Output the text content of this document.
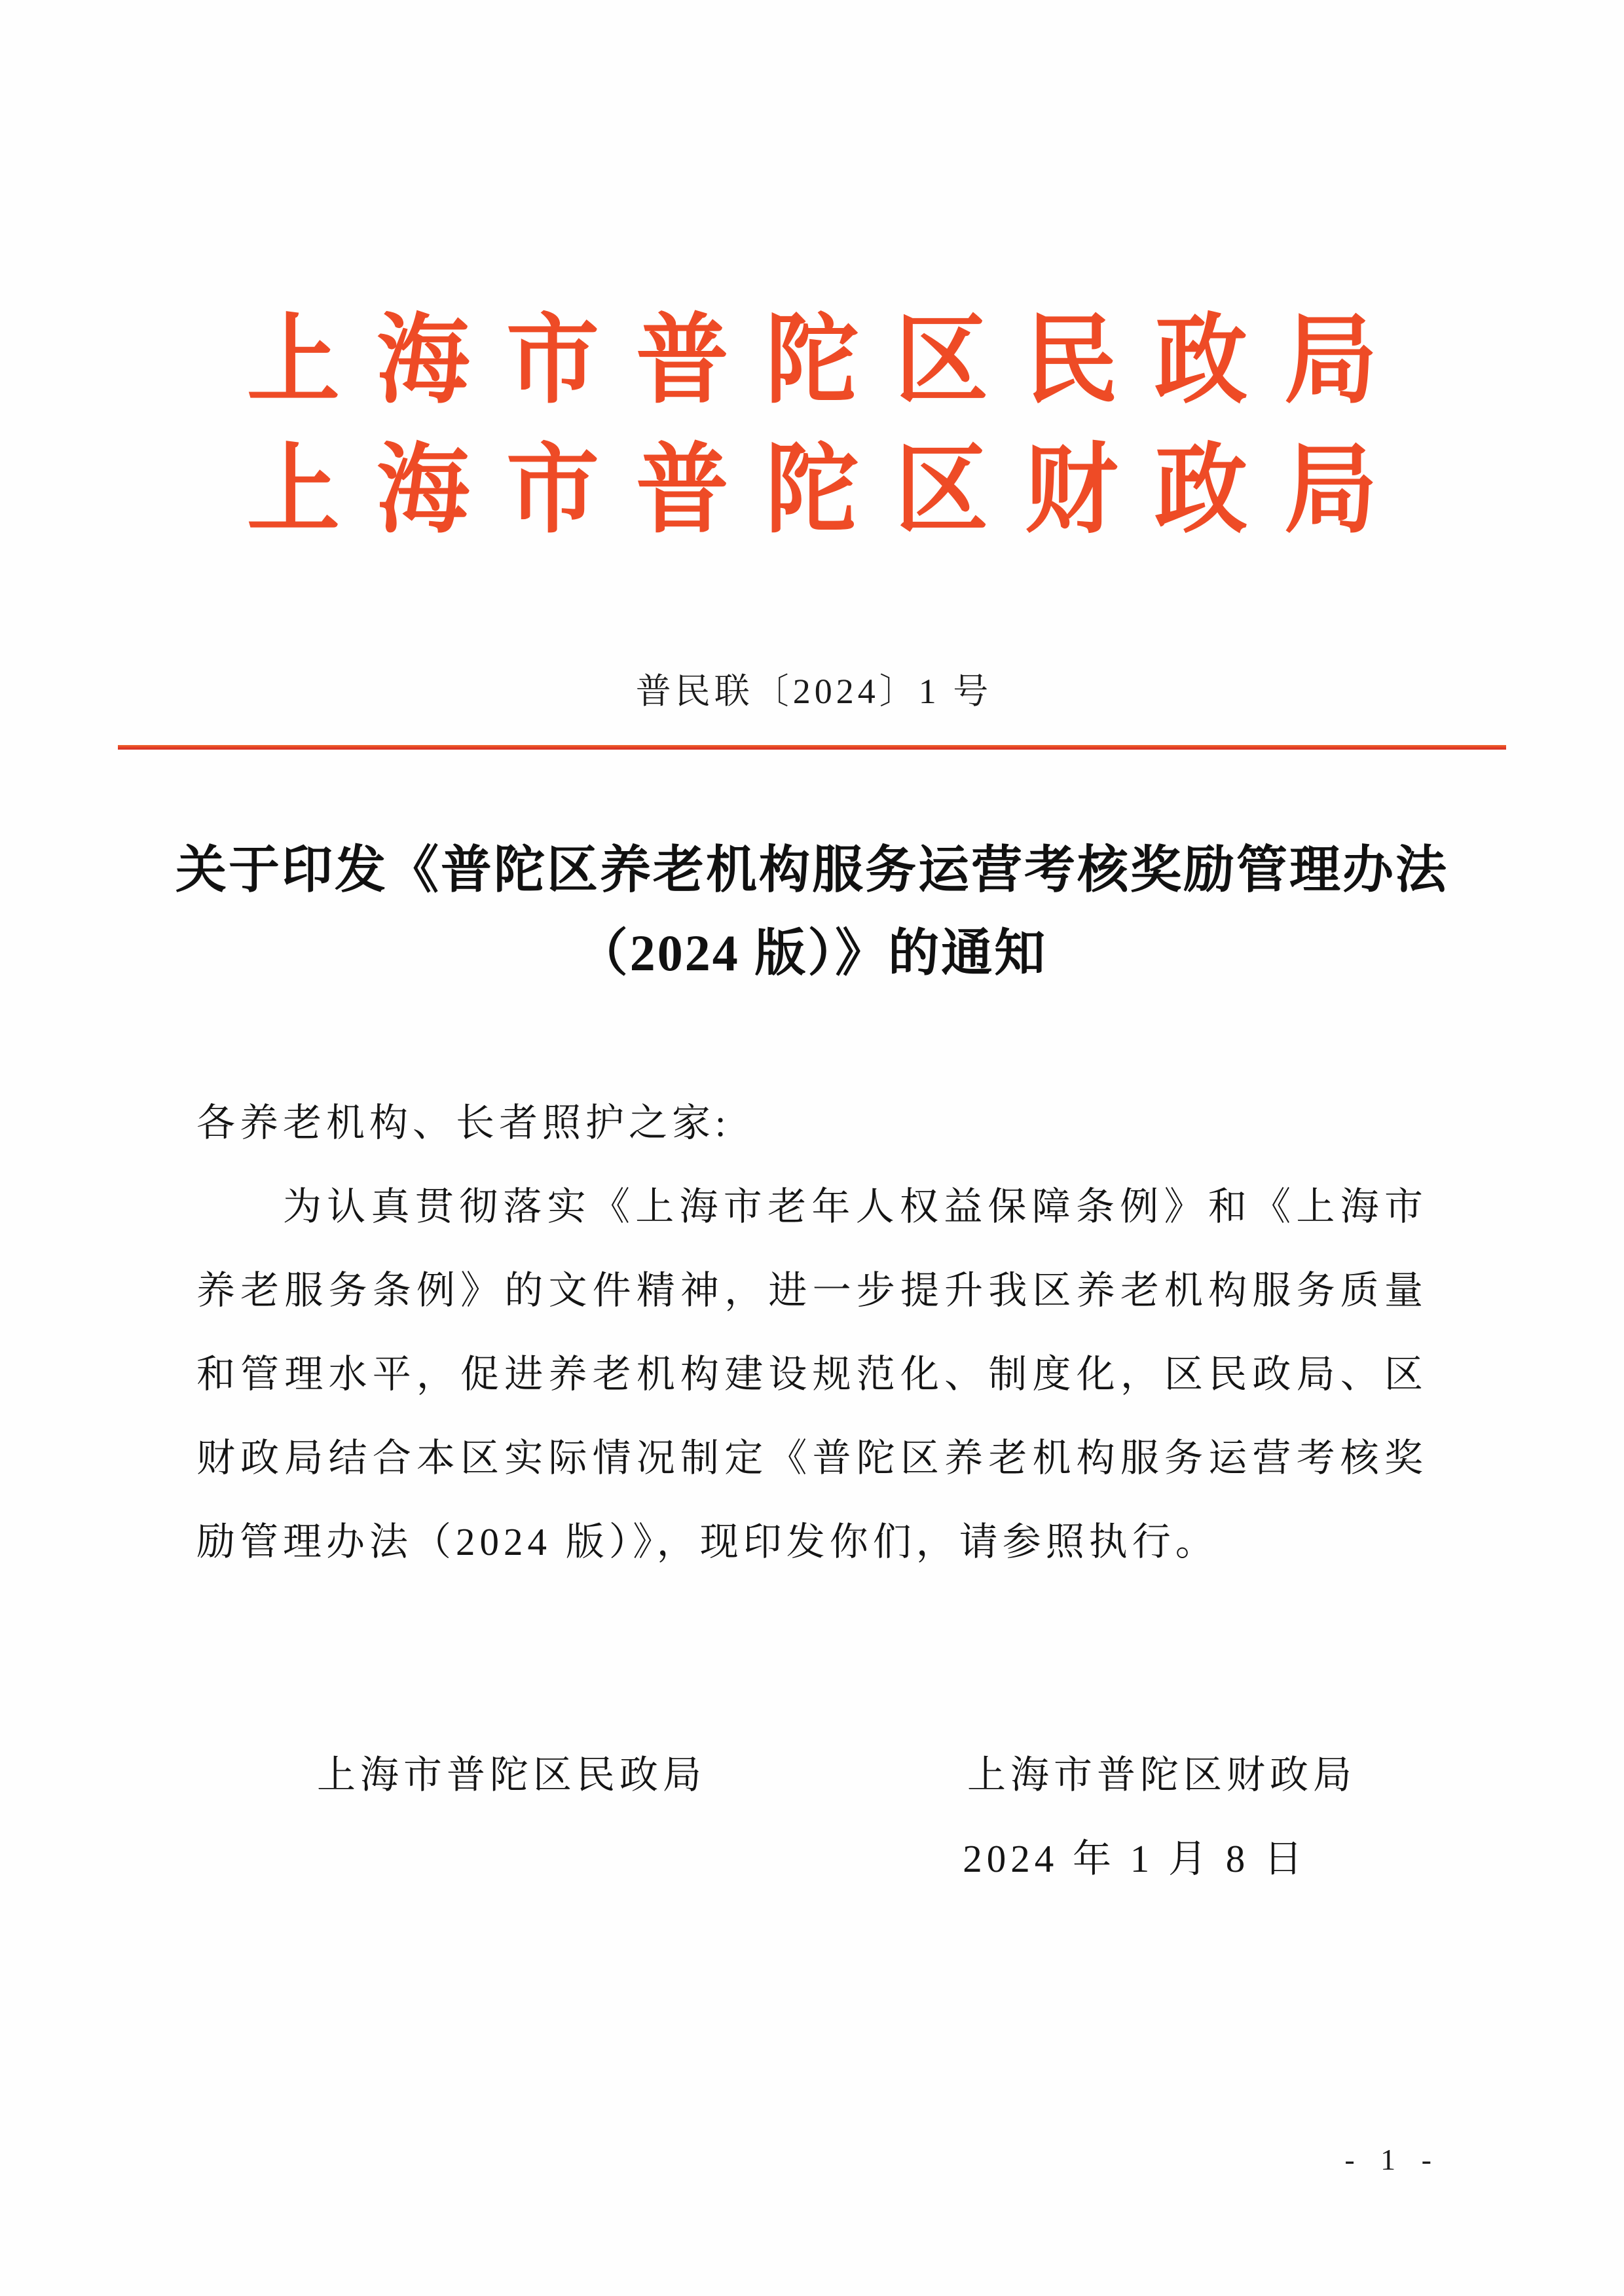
上海市普陀区民政局
上海市普陀区财政局
普民联〔2024〕1 号
关于印发《普陀区养老机构服务运营考核奖励管理办法
（2024 版）》的通知

各养老机构、长者照护之家:

为认真贯彻落实《上海市老年人权益保障条例》和《上海市养老服务条例》的文件精神，进一步提升我区养老机构服务质量和管理水平，促进养老机构建设规范化、制度化，区民政局、区财政局结合本区实际情况制定《普陀区养老机构服务运营考核奖励管理办法（2024 版）》，现印发你们，请参照执行。

上海市普陀区民政局	上海市普陀区财政局
2024 年 1 月 8 日
- 1 -
